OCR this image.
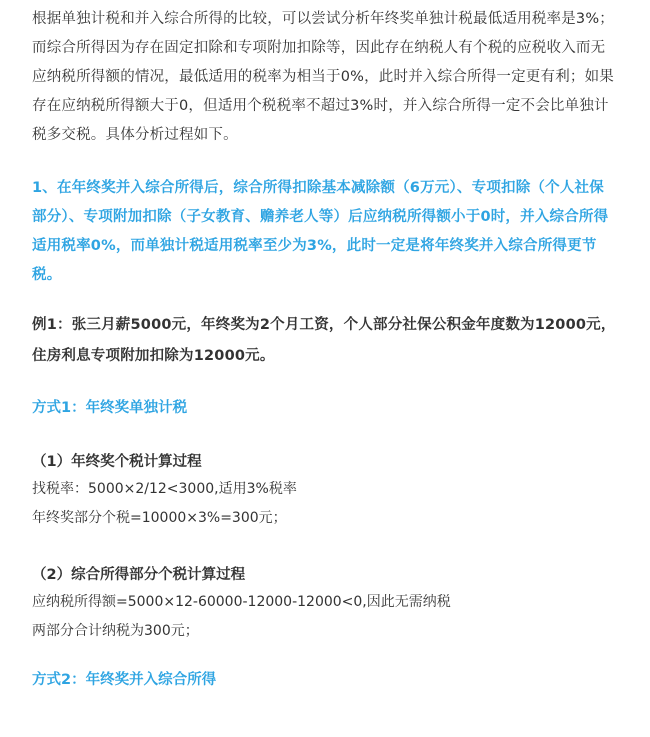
根据单独计税和并入综合所得的比较，可以尝试分析年终奖单独计税最低适用税率是3%；而综合所得因为存在固定扣除和专项附加扣除等，因此存在纳税人有个税的应税收入而无应纳税所得额的情况，最低适用的税率为相当于0%，此时并入综合所得一定更有利；如果存在应纳税所得额大于0，但适用个税税率不超过3%时，并入综合所得一定不会比单独计税多交税。具体分析过程如下。

1、在年终奖并入综合所得后，综合所得扣除基本减除额（6万元）、专项扣除（个人社保部分）、专项附加扣除（子女教育、赡养老人等）后应纳税所得额小于0时，并入综合所得适用税率0%，而单独计税适用税率至少为3%，此时一定是将年终奖并入综合所得更节税。

例1：张三月薪5000元，年终奖为2个月工资，个人部分社保公积金年度数为12000元，住房利息专项附加扣除为12000元。

方式1：年终奖单独计税

（1）年终奖个税计算过程

找税率：5000×2/12<3000,适用3%税率

年终奖部分个税=10000×3%=300元；

（2）综合所得部分个税计算过程

应纳税所得额=5000×12-60000-12000-12000<0,因此无需纳税

两部分合计纳税为300元；

方式2：年终奖并入综合所得
